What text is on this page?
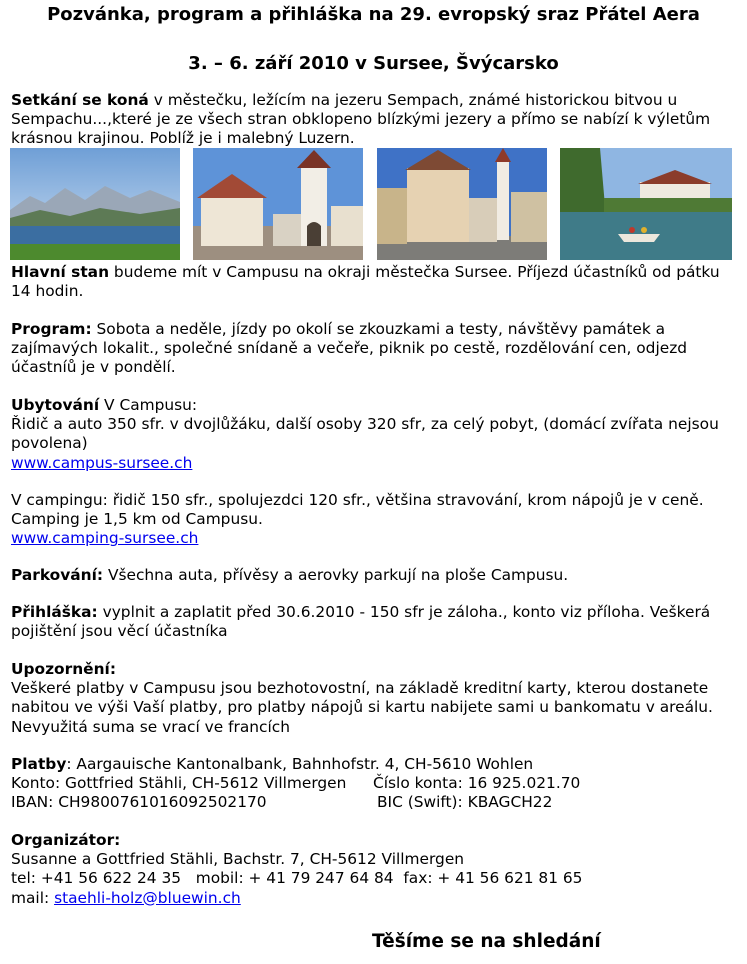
Pozvánka, program a přihláška na 29. evropský sraz Přátel Aera
3. – 6. září 2010 v Sursee, Švýcarsko

Setkání se koná v městečku, ležícím na jezeru Sempach, známé historickou bitvou u Sempachu...,které je ze všech stran obklopeno blízkými jezery a přímo se nabízí k výletům krásnou krajinou. Poblíž je i malebný Luzern.

Hlavní stan budeme mít v Campusu na okraji městečka Sursee. Příjezd účastníků od pátku 14 hodin.

Program: Sobota a neděle, jízdy po okolí se zkouzkami a testy, návštěvy památek a zajímavých lokalit., společné snídaně a večeře, piknik po cestě, rozdělování cen, odjezd účastníů je v pondělí.

Ubytování V Campusu:

Řidič a auto 350 sfr. v dvojlůžáku, další osoby 320 sfr, za celý pobyt, (domácí zvířata nejsou povolena)

www.campus-sursee.ch

V campingu: řidič 150 sfr., spolujezdci 120 sfr., většina stravování, krom nápojů je v ceně. Camping je 1,5 km od Campusu.

www.camping-sursee.ch

Parkování: Všechna auta, přívěsy a aerovky parkují na ploše Campusu.

Přihláška: vyplnit a zaplatit před 30.6.2010 - 150 sfr je záloha., konto viz příloha. Veškerá pojištění jsou věcí účastníka

Upozornění:

Veškeré platby v Campusu jsou bezhotovostní, na základě kreditní karty, kterou dostanete nabitou ve výši Vaší platby, pro platby nápojů si kartu nabijete sami u bankomatu v areálu. Nevyužitá suma se vrací ve francích

Platby: Aargauische Kantonalbank, Bahnhofstr. 4, CH-5610 Wohlen

Konto: Gottfried Stähli, CH-5612 Villmergen Číslo konta: 16 925.021.70
IBAN: CH9800761016092502170	BIC (Swift): KBAGCH22

Organizátor:

Susanne a Gottfried Stähli, Bachstr. 7, CH-5612 Villmergen

tel: +41 56 622 24 35   mobil: + 41 79 247 64 84  fax: + 41 56 621 81 65

mail: staehli-holz@bluewin.ch

Těšíme se na shledání
